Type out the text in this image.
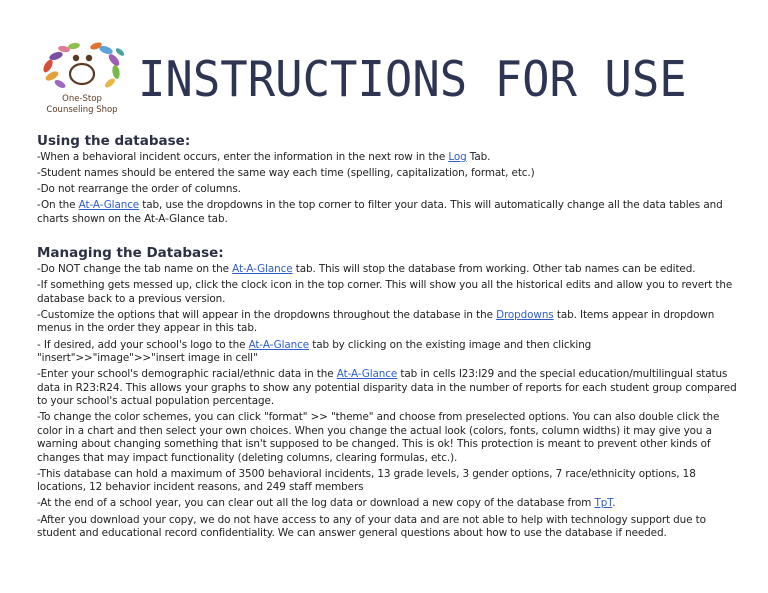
One-Stop
Counseling Shop
INSTRUCTIONS FOR USE
Using the database:

-When a behavioral incident occurs, enter the information in the next row in the Log Tab.

-Student names should be entered the same way each time (spelling, capitalization, format, etc.)

-Do not rearrange the order of columns.

-On the At-A-Glance tab, use the dropdowns in the top corner to filter your data. This will automatically change all the data tables and charts shown on the At-A-Glance tab.

Managing the Database:

-Do NOT change the tab name on the At-A-Glance tab. This will stop the database from working. Other tab names can be edited.

-If something gets messed up, click the clock icon in the top corner. This will show you all the historical edits and allow you to revert the database back to a previous version.

-Customize the options that will appear in the dropdowns throughout the database in the Dropdowns tab. Items appear in dropdown menus in the order they appear in this tab.

- If desired, add your school's logo to the At-A-Glance tab by clicking on the existing image and then clicking "insert">>"image">>"insert image in cell"

-Enter your school's demographic racial/ethnic data in the At-A-Glance tab in cells I23:I29 and the special education/multilingual status data in R23:R24. This allows your graphs to show any potential disparity data in the number of reports for each student group compared to your school's actual population percentage.

-To change the color schemes, you can click "format" >> "theme" and choose from preselected options. You can also double click the color in a chart and then select your own choices. When you change the actual look (colors, fonts, column widths) it may give you a warning about changing something that isn't supposed to be changed. This is ok! This protection is meant to prevent other kinds of changes that may impact functionality (deleting columns, clearing formulas, etc.).

-This database can hold a maximum of 3500 behavioral incidents, 13 grade levels, 3 gender options, 7 race/ethnicity options, 18 locations, 12 behavior incident reasons, and 249 staff members

-At the end of a school year, you can clear out all the log data or download a new copy of the database from TpT.

-After you download your copy, we do not have access to any of your data and are not able to help with technology support due to student and educational record confidentiality. We can answer general questions about how to use the database if needed.
